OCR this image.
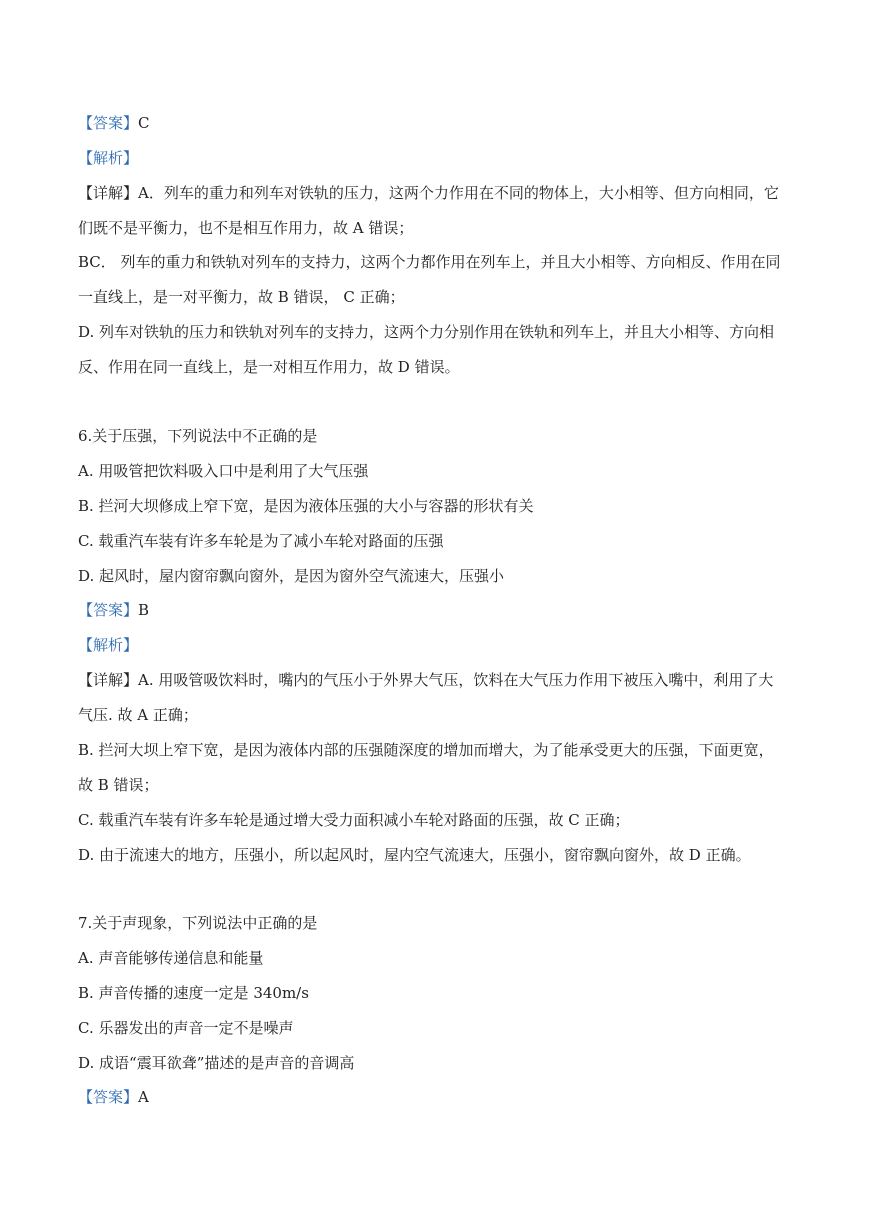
【答案】C
【解析】
【详解】A．列车的重力和列车对铁轨的压力，这两个力作用在不同的物体上，大小相等、但方向相同，它
们既不是平衡力，也不是相互作用力，故 A 错误；
BC． 列车的重力和铁轨对列车的支持力，这两个力都作用在列车上，并且大小相等、方向相反、作用在同
一直线上，是一对平衡力，故 B 错误， C 正确；
D. 列车对铁轨的压力和铁轨对列车的支持力，这两个力分别作用在铁轨和列车上，并且大小相等、方向相
反、作用在同一直线上，是一对相互作用力，故 D 错误。
6.关于压强，下列说法中不正确的是
A. 用吸管把饮料吸入口中是利用了大气压强
B. 拦河大坝修成上窄下宽，是因为液体压强的大小与容器的形状有关
C. 载重汽车装有许多车轮是为了减小车轮对路面的压强
D. 起风时，屋内窗帘飘向窗外，是因为窗外空气流速大，压强小
【答案】B
【解析】
【详解】A. 用吸管吸饮料时，嘴内的气压小于外界大气压，饮料在大气压力作用下被压入嘴中，利用了大
气压. 故 A 正确；
B. 拦河大坝上窄下宽，是因为液体内部的压强随深度的增加而增大，为了能承受更大的压强，下面更宽，
故 B 错误；
C. 载重汽车装有许多车轮是通过增大受力面积减小车轮对路面的压强，故 C 正确；
D. 由于流速大的地方，压强小，所以起风时，屋内空气流速大，压强小，窗帘飘向窗外，故 D 正确。
7.关于声现象，下列说法中正确的是
A. 声音能够传递信息和能量
B. 声音传播的速度一定是 340m/s
C. 乐器发出的声音一定不是噪声
D. 成语“震耳欲聋”描述的是声音的音调高
【答案】A
